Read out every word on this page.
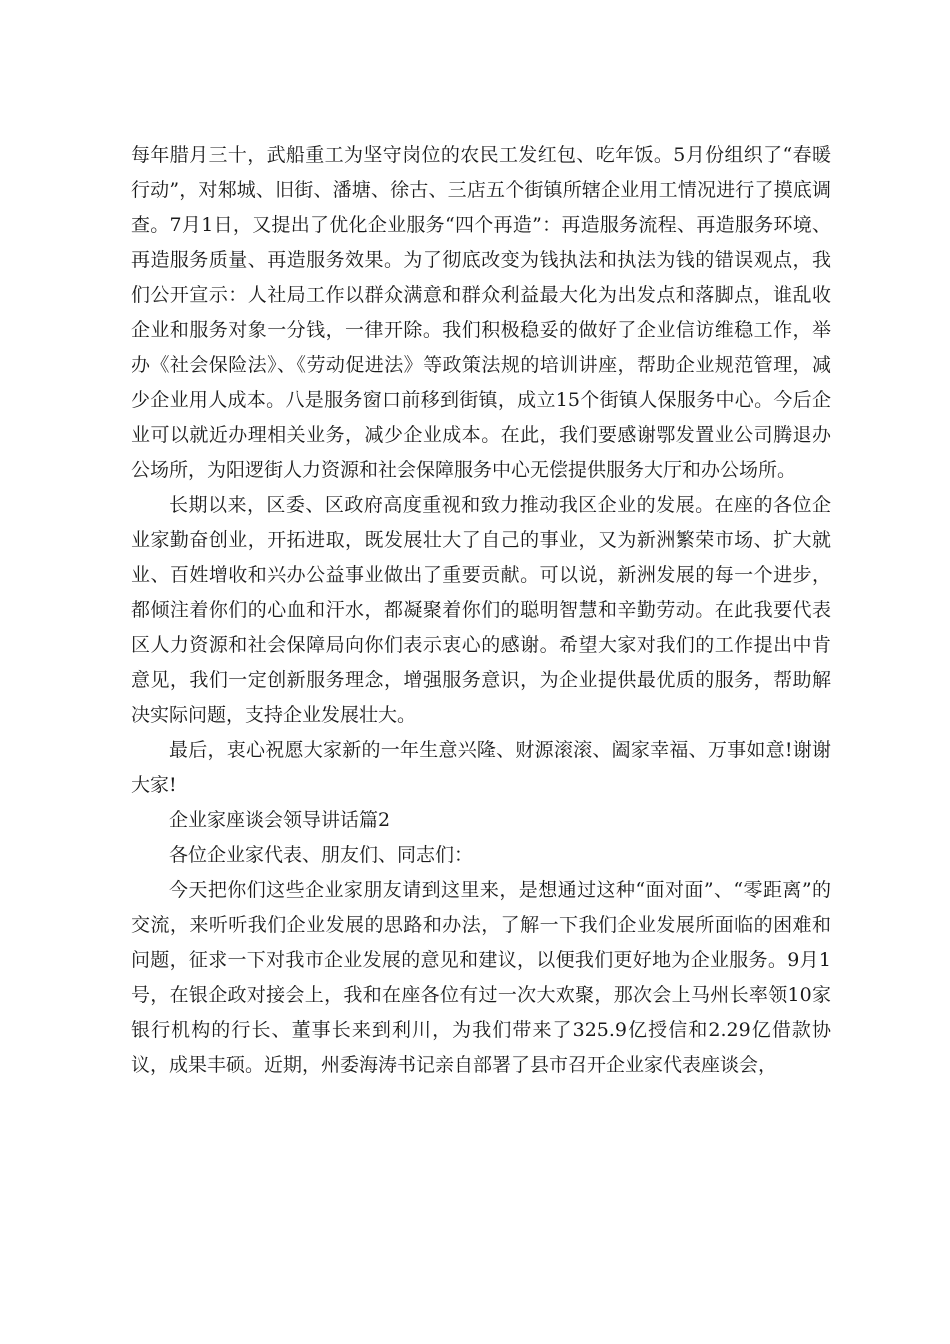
每年腊月三十，武船重工为坚守岗位的农民工发红包、吃年饭。5月份组织了“春暖行动”，对邾城、旧街、潘塘、徐古、三店五个街镇所辖企业用工情况进行了摸底调查。7月1日，又提出了优化企业服务“四个再造”：再造服务流程、再造服务环境、再造服务质量、再造服务效果。为了彻底改变为钱执法和执法为钱的错误观点，我们公开宣示：人社局工作以群众满意和群众利益最大化为出发点和落脚点，谁乱收企业和服务对象一分钱，一律开除。我们积极稳妥的做好了企业信访维稳工作，举办《社会保险法》、《劳动促进法》等政策法规的培训讲座，帮助企业规范管理，减少企业用人成本。八是服务窗口前移到街镇，成立15个街镇人保服务中心。今后企业可以就近办理相关业务，减少企业成本。在此，我们要感谢鄂发置业公司腾退办公场所，为阳逻街人力资源和社会保障服务中心无偿提供服务大厅和办公场所。

长期以来，区委、区政府高度重视和致力推动我区企业的发展。在座的各位企业家勤奋创业，开拓进取，既发展壮大了自己的事业，又为新洲繁荣市场、扩大就业、百姓增收和兴办公益事业做出了重要贡献。可以说，新洲发展的每一个进步，都倾注着你们的心血和汗水，都凝聚着你们的聪明智慧和辛勤劳动。在此我要代表区人力资源和社会保障局向你们表示衷心的感谢。希望大家对我们的工作提出中肯意见，我们一定创新服务理念，增强服务意识，为企业提供最优质的服务，帮助解决实际问题，支持企业发展壮大。

最后，衷心祝愿大家新的一年生意兴隆、财源滚滚、阖家幸福、万事如意!谢谢大家!

企业家座谈会领导讲话篇2

各位企业家代表、朋友们、同志们：

今天把你们这些企业家朋友请到这里来，是想通过这种“面对面”、“零距离”的交流，来听听我们企业发展的思路和办法，了解一下我们企业发展所面临的困难和问题，征求一下对我市企业发展的意见和建议，以便我们更好地为企业服务。9月1号，在银企政对接会上，我和在座各位有过一次大欢聚，那次会上马州长率领10家银行机构的行长、董事长来到利川，为我们带来了325.9亿授信和2.29亿借款协议，成果丰硕。近期，州委海涛书记亲自部署了县市召开企业家代表座谈会，
